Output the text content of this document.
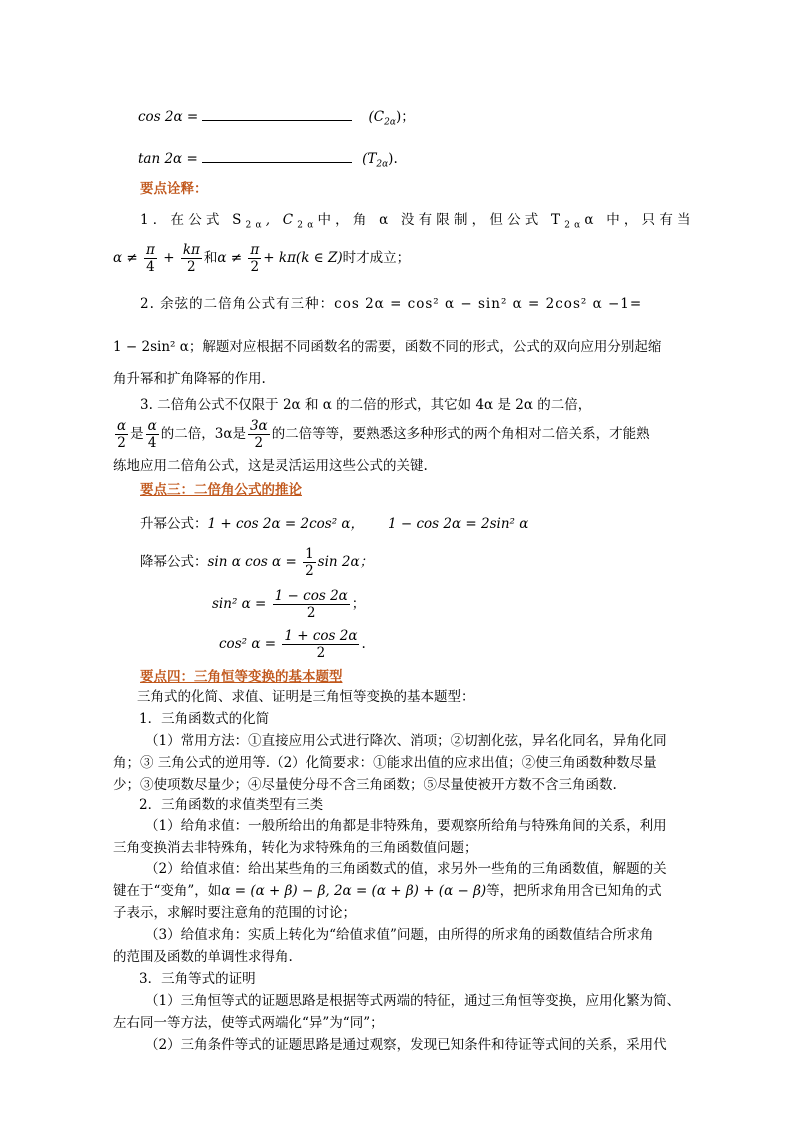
cos 2α =	$(C_{2\alpha})$；
tan 2α =	$(T_{2\alpha})$.
要点诠释：
1．在公式 $S_{2\alpha}$, $C_{2\alpha}$中，角 α 没有限制，但公式 $T_{2\alpha}\alpha$ 中，只有当
$\alpha \ne \frac{\pi}{4} + \frac{k\pi}{2}$ 和$\alpha \ne \frac{\pi}{2} + k\pi(k$ ∈ Z)时才成立；
2. 余弦的二倍角公式有三种：cos 2α = cos² α − sin² α = 2cos² α −1=
1 − 2sin² α；解题对应根据不同函数名的需要，函数不同的形式，公式的双向应用分别起缩
角升幂和扩角降幂的作用.
3. 二倍角公式不仅限于 2α 和 α 的二倍的形式，其它如 4α 是 2α 的二倍，
$\frac{\alpha}{2}$ 是 $\frac{\alpha}{4}$ 的二倍，3α是 $\frac{3\alpha}{2}$ 的二倍等等，要熟悉这多种形式的两个角相对二倍关系，才能熟
练地应用二倍角公式，这是灵活运用这些公式的关键.
要点三：二倍角公式的推论
升幂公式：1 + cos 2α = 2cos² α， 1 − cos 2α = 2sin² α
降幂公式：sin α $\cos \alpha = \frac{1}{2}$ sin 2α；
sin² $\alpha = \frac{1 - \cos 2\alpha}{2}$ ；
cos² $\alpha = \frac{1 + \cos 2\alpha}{2}$ .
要点四：三角恒等变换的基本题型
三角式的化简、求值、证明是三角恒等变换的基本题型：
1．三角函数式的化简
（1）常用方法：①直接应用公式进行降次、消项；②切割化弦，异名化同名，异角化同
角；③ 三角公式的逆用等.（2）化简要求：①能求出值的应求出值；②使三角函数种数尽量
少；③使项数尽量少；④尽量使分母不含三角函数；⑤尽量使被开方数不含三角函数.
2．三角函数的求值类型有三类
（1）给角求值：一般所给出的角都是非特殊角，要观察所给角与特殊角间的关系，利用
三角变换消去非特殊角，转化为求特殊角的三角函数值问题；
（2）给值求值：给出某些角的三角函数式的值，求另外一些角的三角函数值，解题的关
键在于“变角”，如α = (α + β) − β, 2α = (α + β) + (α − β)等，把所求角用含已知角的式
子表示，求解时要注意角的范围的讨论；
（3）给值求角：实质上转化为“给值求值”问题，由所得的所求角的函数值结合所求角
的范围及函数的单调性求得角.
3．三角等式的证明
（1）三角恒等式的证题思路是根据等式两端的特征，通过三角恒等变换，应用化繁为简、
左右同一等方法，使等式两端化“异”为“同”；
（2）三角条件等式的证题思路是通过观察，发现已知条件和待证等式间的关系，采用代
